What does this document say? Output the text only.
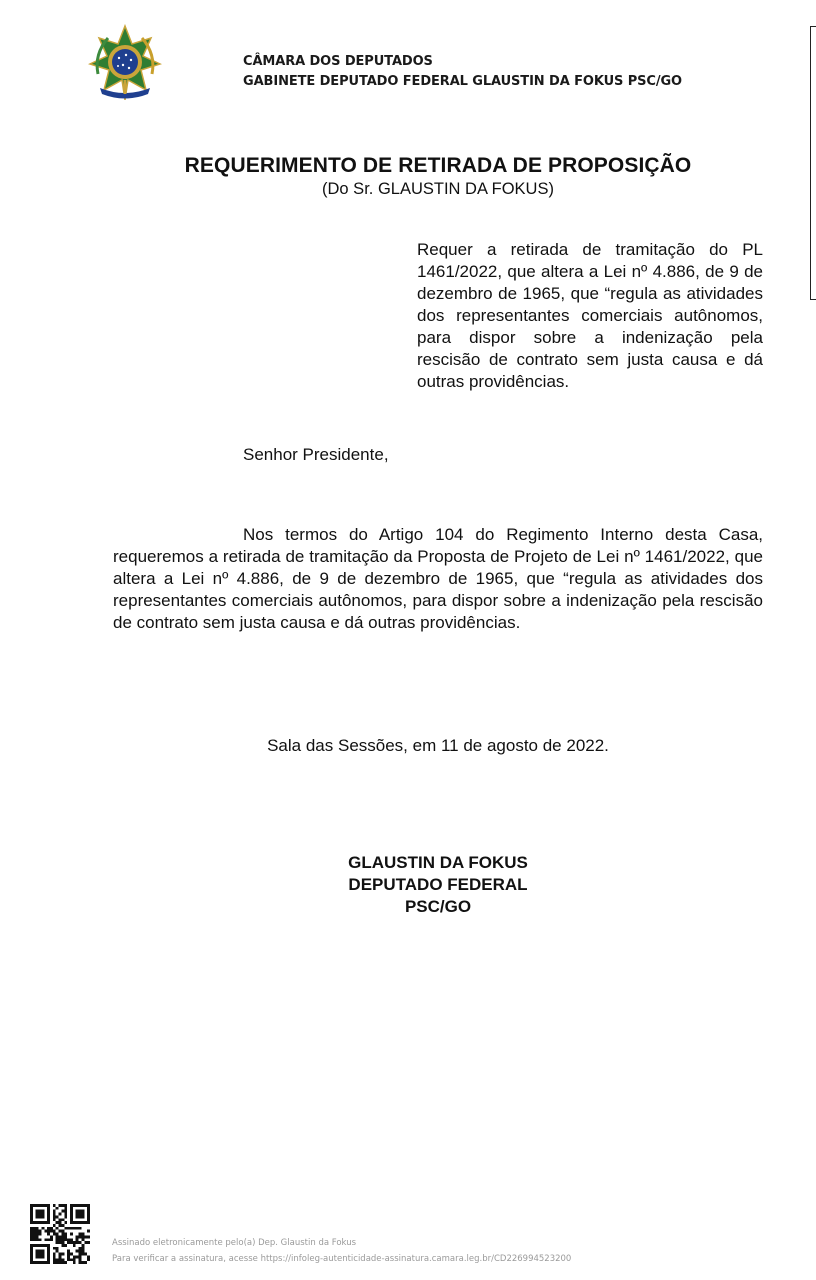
CÂMARA DOS DEPUTADOS
GABINETE DEPUTADO FEDERAL GLAUSTIN DA FOKUS PSC/GO
REQUERIMENTO DE RETIRADA DE PROPOSIÇÃO
(Do Sr. GLAUSTIN DA FOKUS)
Requer a retirada de tramitação do PL 1461/2022, que altera a Lei nº 4.886, de 9 de dezembro de 1965, que “regula as atividades dos representantes comerciais autônomos, para dispor sobre a indenização pela rescisão de contrato sem justa causa e dá outras providências.
Senhor Presidente,
Nos termos do Artigo 104 do Regimento Interno desta Casa, requeremos a retirada de tramitação da Proposta de Projeto de Lei nº 1461/2022, que altera a Lei nº 4.886, de 9 de dezembro de 1965, que “regula as atividades dos representantes comerciais autônomos, para dispor sobre a indenização pela rescisão de contrato sem justa causa e dá outras providências.
Sala das Sessões, em 11 de agosto de 2022.
GLAUSTIN DA FOKUS
DEPUTADO FEDERAL
PSC/GO
Assinado eletronicamente pelo(a) Dep. Glaustin da Fokus
Para verificar a assinatura, acesse https://infoleg-autenticidade-assinatura.camara.leg.br/CD226994523200
